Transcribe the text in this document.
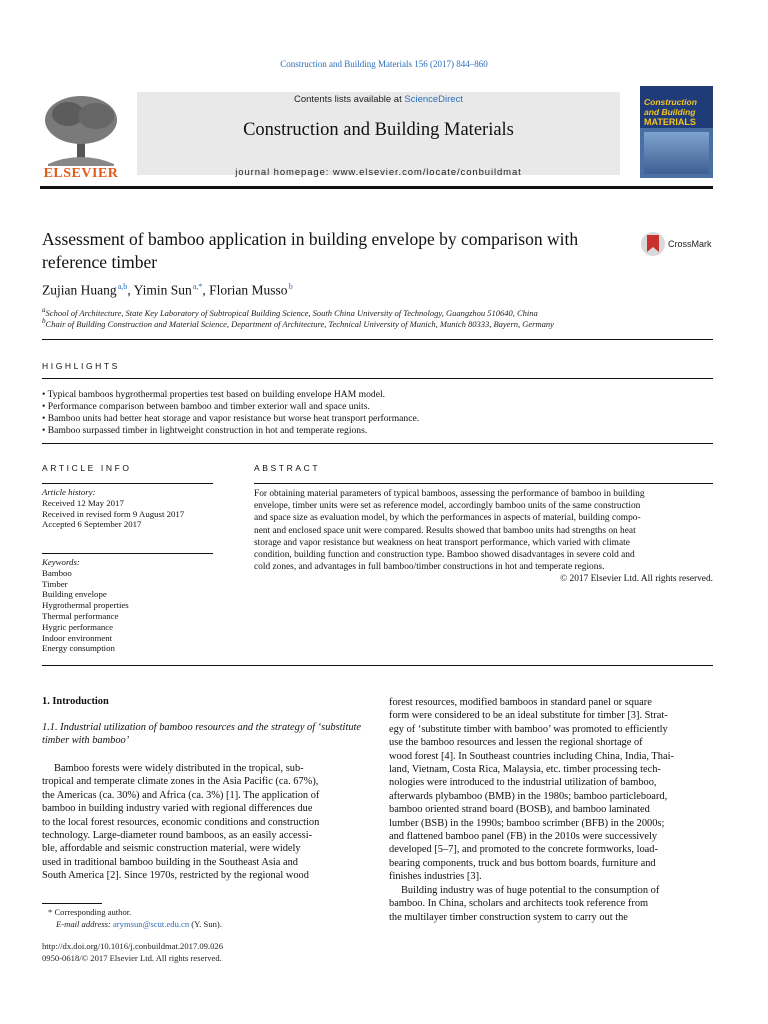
Construction and Building Materials 156 (2017) 844–860
ELSEVIER
Contents lists available at ScienceDirect
Construction and Building Materials
journal homepage: www.elsevier.com/locate/conbuildmat
Construction
and Building
MATERIALS
Assessment of bamboo application in building envelope by comparison with reference timber
CrossMark
Zujian Huang $^{a,b}$, Yimin Sun $^{a,*}$, Florian Musso $^b$
$^a$School of Architecture, State Key Laboratory of Subtropical Building Science, South China University of Technology, Guangzhou 510640, China
$^b$Chair of Building Construction and Material Science, Department of Architecture, Technical University of Munich, Munich 80333, Bayern, Germany
HIGHLIGHTS
• Typical bamboos hygrothermal properties test based on building envelope HAM model.
• Performance comparison between bamboo and timber exterior wall and space units.
• Bamboo units had better heat storage and vapor resistance but worse heat transport performance.
• Bamboo surpassed timber in lightweight construction in hot and temperate regions.
ARTICLE INFO
Article history:
Received 12 May 2017
Received in revised form 9 August 2017
Accepted 6 September 2017
Keywords:
Bamboo
Timber
Building envelope
Hygrothermal properties
Thermal performance
Hygric performance
Indoor environment
Energy consumption
ABSTRACT
For obtaining material parameters of typical bamboos, assessing the performance of bamboo in building
envelope, timber units were set as reference model, accordingly bamboo units of the same construction
and space size as evaluation model, by which the performances in aspects of material, building compo-
nent and enclosed space unit were compared. Results showed that bamboo units had strengths on heat
storage and vapor resistance but weakness on heat transport performance, which varied with climate
condition, building function and construction type. Bamboo showed disadvantages in severe cold and
cold zones, and advantages in full bamboo/timber constructions in hot and temperate regions.
© 2017 Elsevier Ltd. All rights reserved.
1. Introduction
1.1. Industrial utilization of bamboo resources and the strategy of ‘substitute timber with bamboo’
Bamboo forests were widely distributed in the tropical, sub-
tropical and temperate climate zones in the Asia Pacific (ca. 67%),
the Americas (ca. 30%) and Africa (ca. 3%) [1]. The application of
bamboo in building industry varied with regional differences due
to the local forest resources, economic conditions and construction
technology. Large-diameter round bamboos, as an easily accessi-
ble, affordable and seismic construction material, were widely
used in traditional bamboo building in the Southeast Asia and
South America [2]. Since 1970s, restricted by the regional wood
* Corresponding author.
E-mail address: arymsun@scut.edu.cn (Y. Sun).
http://dx.doi.org/10.1016/j.conbuildmat.2017.09.026
0950-0618/© 2017 Elsevier Ltd. All rights reserved.
forest resources, modified bamboos in standard panel or square
form were considered to be an ideal substitute for timber [3]. Strat-
egy of ‘substitute timber with bamboo’ was promoted to efficiently
use the bamboo resources and lessen the regional shortage of
wood forest [4]. In Southeast countries including China, India, Thai-
land, Vietnam, Costa Rica, Malaysia, etc. timber processing tech-
nologies were introduced to the industrial utilization of bamboo,
afterwards plybamboo (BMB) in the 1980s; bamboo particleboard,
bamboo oriented strand board (BOSB), and bamboo laminated
lumber (BSB) in the 1990s; bamboo scrimber (BFB) in the 2000s;
and flattened bamboo panel (FB) in the 2010s were successively
developed [5–7], and promoted to the concrete formworks, load-
bearing components, truck and bus bottom boards, furniture and
finishes industries [3].
Building industry was of huge potential to the consumption of
bamboo. In China, scholars and architects took reference from
the multilayer timber construction system to carry out the
